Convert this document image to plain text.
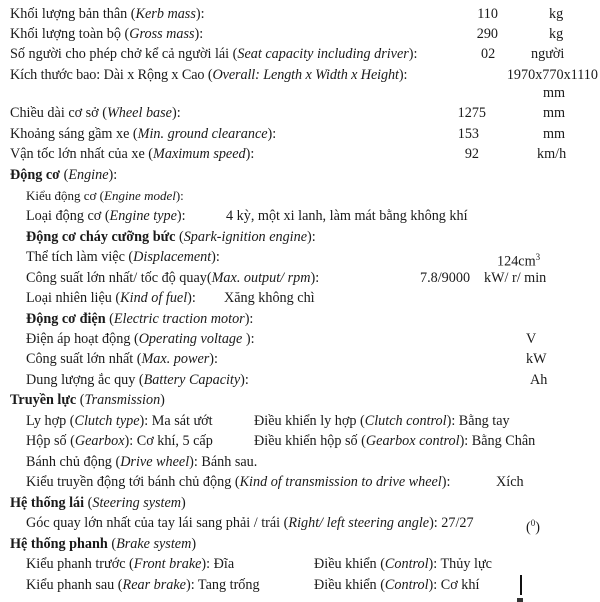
Khối lượng bản thân (Kerb mass):	110	kg
Khối lượng toàn bộ (Gross mass):	290	kg
Số người cho phép chở kể cả người lái (Seat capacity including driver):	02	người
Kích thước bao: Dài x Rộng x Cao (Overall: Length x Width x Height):	1970x770x1110
mm
Chiều dài cơ sở (Wheel base):	1275	mm
Khoảng sáng gầm xe (Min. ground clearance):	153	mm
Vận tốc lớn nhất của xe (Maximum speed):	92	km/h
Động cơ (Engine):
Kiểu động cơ (Engine model):
Loại động cơ (Engine type):	4 kỳ, một xi lanh, làm mát bằng không khí
Động cơ cháy cưỡng bức (Spark-ignition engine):
Thể tích làm việc (Displacement):	$124cm^3$
Công suất lớn nhất/ tốc độ quay(Max. output/ rpm):	7.8/9000 kW/ r/ min
Loại nhiên liệu (Kind of fuel): Xăng không chì
Động cơ điện (Electric traction motor):
Điện áp hoạt động (Operating voltage ):	V
Công suất lớn nhất (Max. power):	kW
Dung lượng ắc quy (Battery Capacity):	Ah
Truyền lực (Transmission)
Ly hợp (Clutch type): Ma sát ướt	Điều khiển ly hợp (Clutch control): Bằng tay
Hộp số (Gearbox): Cơ khí, 5 cấp	Điều khiển hộp số (Gearbox control): Bằng Chân
Bánh chủ động (Drive wheel): Bánh sau.
Kiểu truyền động tới bánh chủ động (Kind of transmission to drive wheel):	Xích
Hệ thống lái (Steering system)
Góc quay lớn nhất của tay lái sang phải / trái (Right/ left steering angle): 27/27	($^0$)
Hệ thống phanh (Brake system)
Kiểu phanh trước (Front brake): Đĩa	Điều khiển (Control): Thủy lực
Kiểu phanh sau (Rear brake): Tang trống	Điều khiển (Control): Cơ khí
